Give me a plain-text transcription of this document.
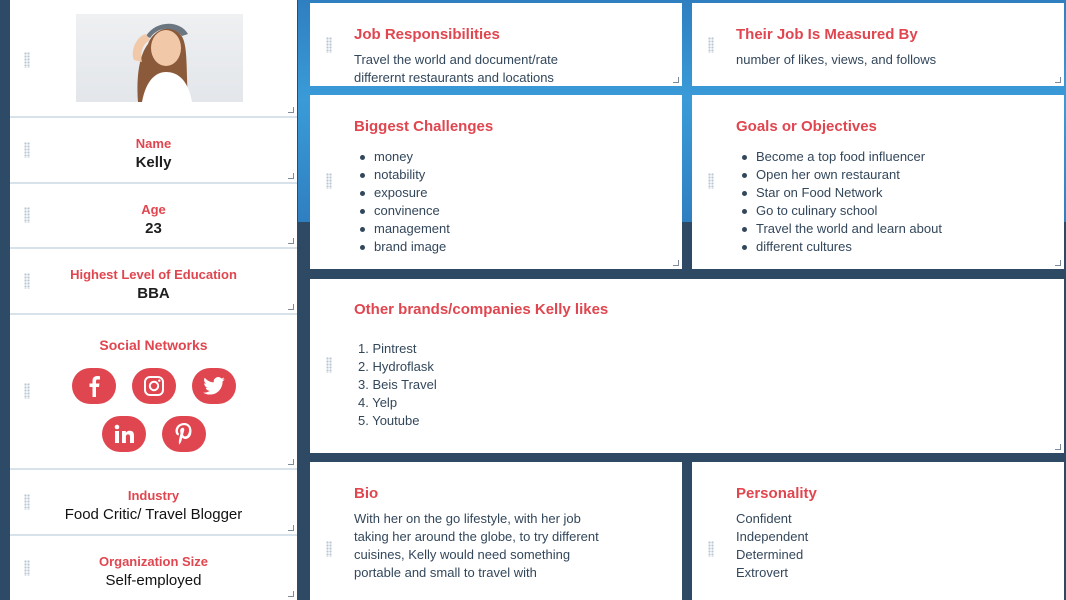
Name
Kelly
Age
23
Highest Level of Education
BBA
Social Networks
Industry
Food Critic/ Travel Blogger
Organization Size
Self-employed
Job Responsibilities
Travel the world and document/rate
differernt restaurants and locations
Their Job Is Measured By
number of likes, views, and follows
Biggest Challenges
money
notability
exposure
convinence
management
brand image
Goals or Objectives
Become a top food influencer
Open her own restaurant
Star on Food Network
Go to culinary school
Travel the world and learn about
different cultures
Other brands/companies Kelly likes
1. Pintrest
2. Hydroflask
3. Beis Travel
4. Yelp
5. Youtube
Bio
With her on the go lifestyle, with her job
taking her around the globe, to try different
cuisines, Kelly would need something
portable and small to travel with
Personality
Confident
Independent
Determined
Extrovert
